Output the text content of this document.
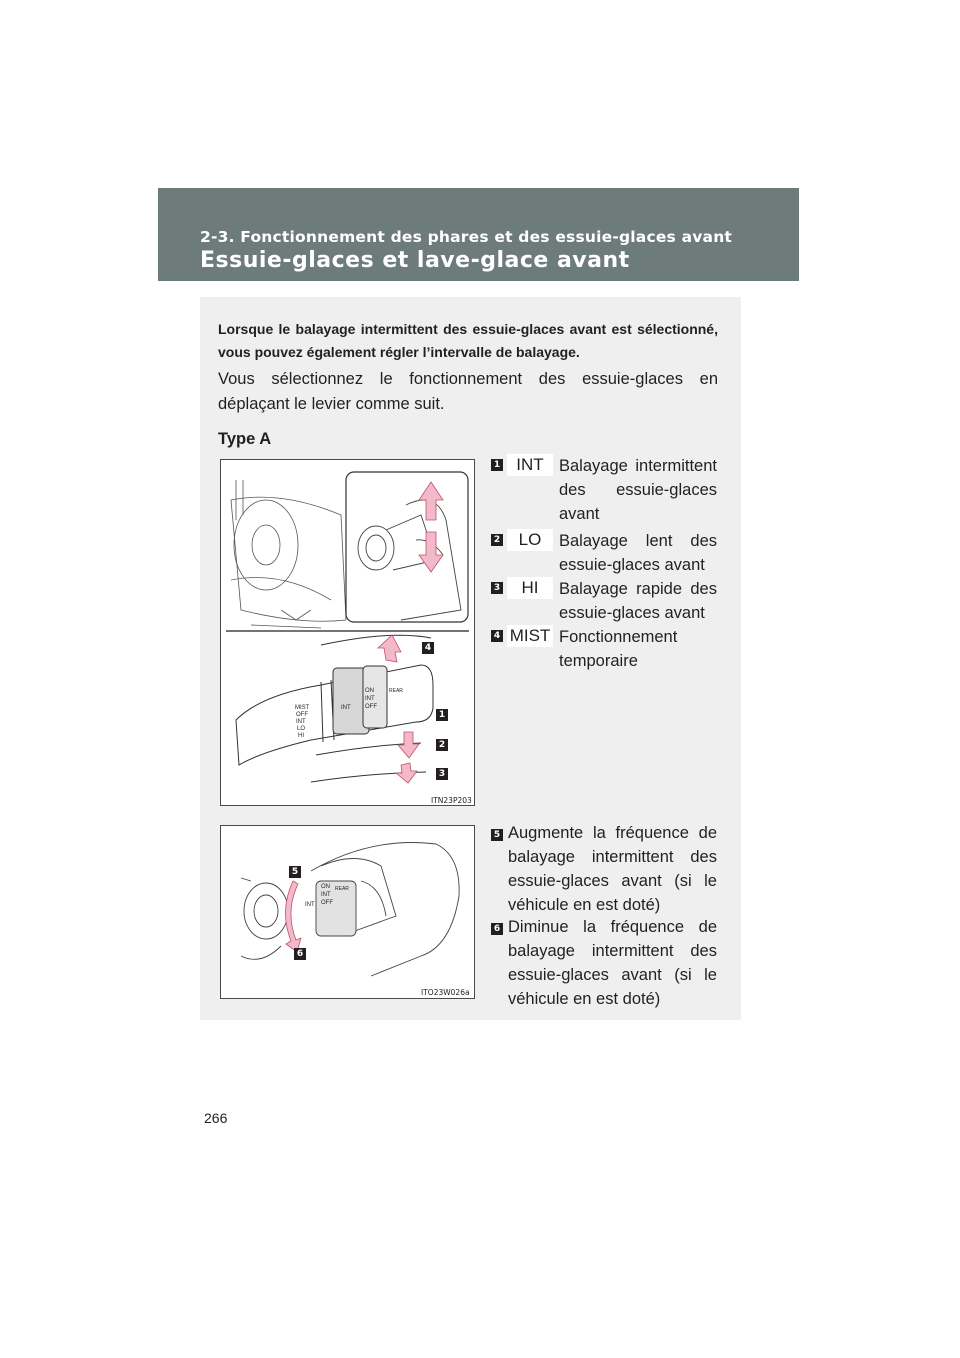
2-3. Fonctionnement des phares et des essuie-glaces avant
Essuie-glaces et lave-glace avant
Lorsque le balayage intermittent des essuie-glaces avant est sélectionné, vous pouvez également régler l’intervalle de balayage.
Vous sélectionnez le fonctionnement des essuie-glaces en déplaçant le levier comme suit.
Type A
MIST
OFF
INT
LO
HI
INT
ON
INT
OFF
REAR
4
1
2
3
ITN23P203
INT
ON
INT
OFF
REAR
5
6
ITO23W026a
1 INT Balayage intermittent des essuie-glaces avant
2	LO	Balayage lent des essuie-glaces avant
3	HI	Balayage rapide des essuie-glaces avant
4 MIST Fonctionnement temporaire
5 Augmente la fréquence de balayage intermittent des essuie-glaces avant (si le véhicule en est doté)
6 Diminue la fréquence de balayage intermittent des essuie-glaces avant (si le véhicule en est doté)
266
